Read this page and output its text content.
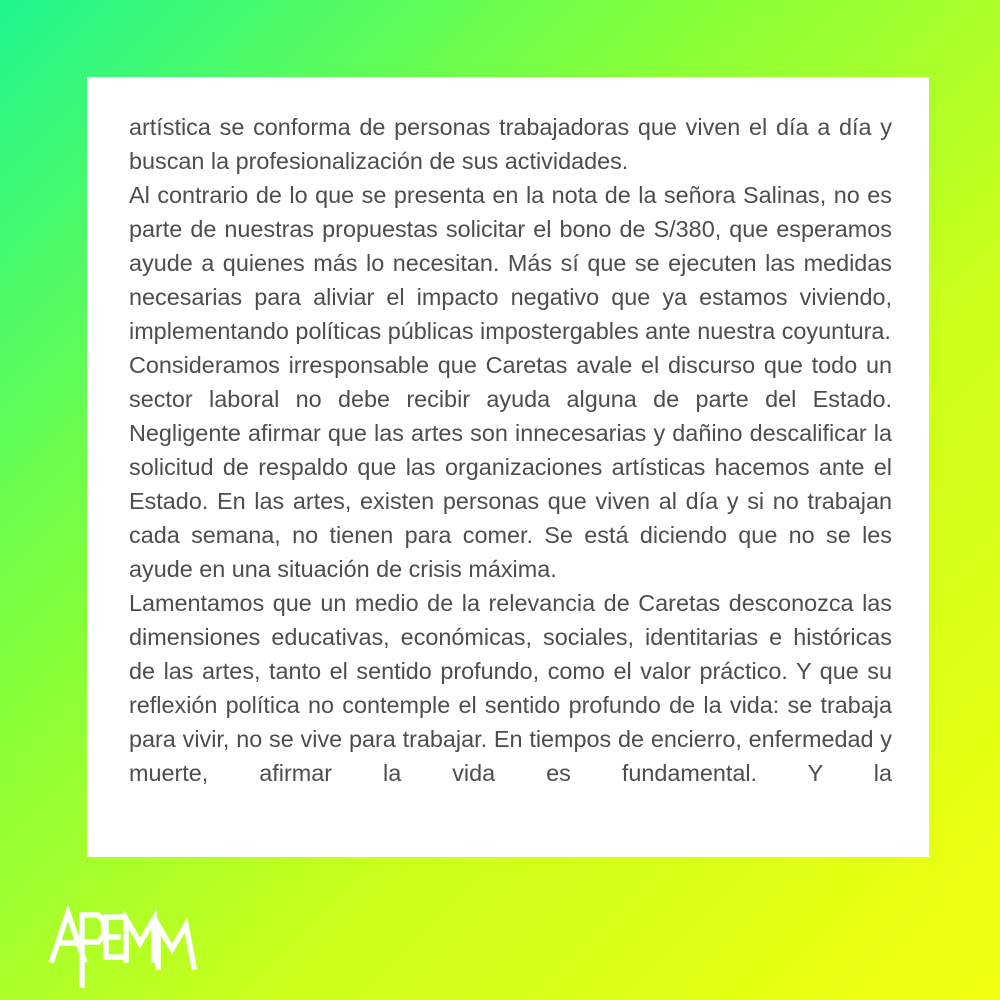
artística se conforma de personas trabajadoras que viven el día a día y buscan la profesionalización de sus actividades.

Al contrario de lo que se presenta en la nota de la señora Salinas, no es parte de nuestras propuestas solicitar el bono de S/380, que esperamos ayude a quienes más lo necesitan. Más sí que se ejecuten las medidas necesarias para aliviar el impacto negativo que ya estamos viviendo, implementando políticas públicas impostergables ante nuestra coyuntura.

Consideramos irresponsable que Caretas avale el discurso que todo un sector laboral no debe recibir ayuda alguna de parte del Estado. Negligente afirmar que las artes son innecesarias y dañino descalificar la solicitud de respaldo que las organizaciones artísticas hacemos ante el Estado. En las artes, existen personas que viven al día y si no trabajan cada semana, no tienen para comer. Se está diciendo que no se les ayude en una situación de crisis máxima.

Lamentamos que un medio de la relevancia de Caretas desconozca las dimensiones educativas, económicas, sociales, identitarias e históricas de las artes, tanto el sentido profundo, como el valor práctico. Y que su reflexión política no contemple el sentido profundo de la vida: se trabaja para vivir, no se vive para trabajar. En tiempos de encierro, enfermedad y muerte, afirmar la vida es fundamental. Y la
